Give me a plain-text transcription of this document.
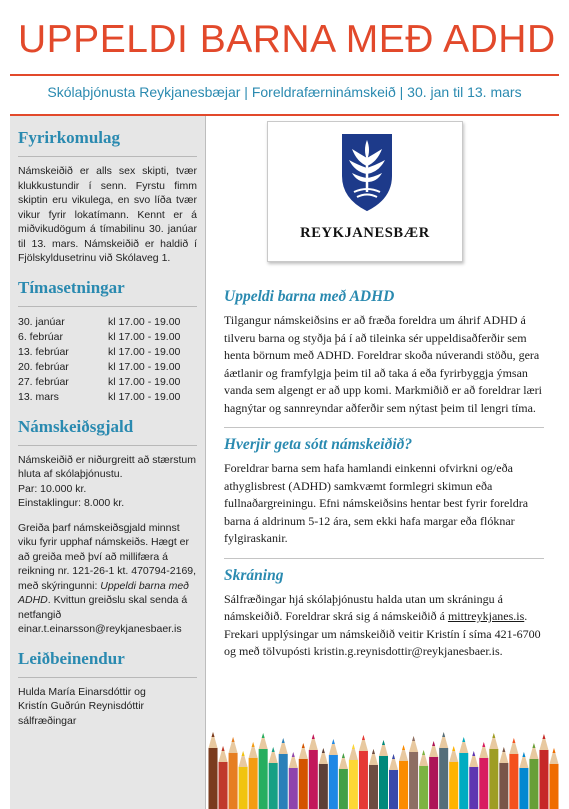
UPPELDI BARNA MEÐ ADHD
Skólaþjónusta Reykjanesbæjar | Foreldrafærninámskeið | 30. jan til 13. mars
Fyrirkomulag

Námskeiðið er alls sex skipti, tvær klukkustundir í senn. Fyrstu fimm skiptin eru vikulega, en svo líða tvær vikur fyrir lokatímann. Kennt er á miðvikudögum á tímabilinu 30. janúar til 13. mars. Námskeiðið er haldið í Fjölskyldusetrinu við Skólaveg 1.

Tímasetningar
30. janúar	kl 17.00 - 19.00
6. febrúar	kl 17.00 - 19.00
13. febrúar	kl 17.00 - 19.00
20. febrúar	kl 17.00 - 19.00
27. febrúar	kl 17.00 - 19.00
13. mars	kl 17.00 - 19.00
Námskeiðsgjald

Námskeiðið er niðurgreitt að stærstum hluta af skólaþjónustu.

Par: 10.000 kr.

Einstaklingur: 8.000 kr.

Greiða þarf námskeiðsgjald minnst viku fyrir upphaf námskeiðs. Hægt er að greiða með því að millifæra á reikning nr. 121-26-1 kt. 470794-2169, með skýringunni: Uppeldi barna með ADHD. Kvittun greiðslu skal senda á netfangið
einar.t.einarsson@reykjanesbaer.is

Leiðbeinendur

Hulda María Einarsdóttir og Kristín Guðrún Reynisdóttir sálfræðingar

REYKJANESBÆR
Uppeldi barna með ADHD

Tilgangur námskeiðsins er að fræða foreldra um áhrif ADHD á tilveru barna og styðja þá í að tileinka sér uppeldisaðferðir sem henta börnum með ADHD. Foreldrar skoða núverandi stöðu, gera áætlanir og framfylgja þeim til að taka á eða fyrirbyggja ýmsan vanda sem algengt er að upp komi. Markmiðið er að foreldrar læri hagnýtar og sannreyndar aðferðir sem nýtast þeim til lengri tíma.

Hverjir geta sótt námskeiðið?

Foreldrar barna sem hafa hamlandi einkenni ofvirkni og/eða athyglisbrest (ADHD) samkvæmt formlegri skimun eða fullnaðargreiningu. Efni námskeiðsins hentar best fyrir foreldra barna á aldrinum 5-12 ára, sem ekki hafa margar eða flóknar fylgiraskanir.

Skráning

Sálfræðingar hjá skólaþjónustu halda utan um skráningu á námskeiðið. Foreldrar skrá sig á námskeiðið á mittreykjanes.is. Frekari upplýsingar um námskeiðið veitir Kristín í síma 421-6700 og með tölvupósti kristin.g.reynisdottir@reykjanesbaer.is.
